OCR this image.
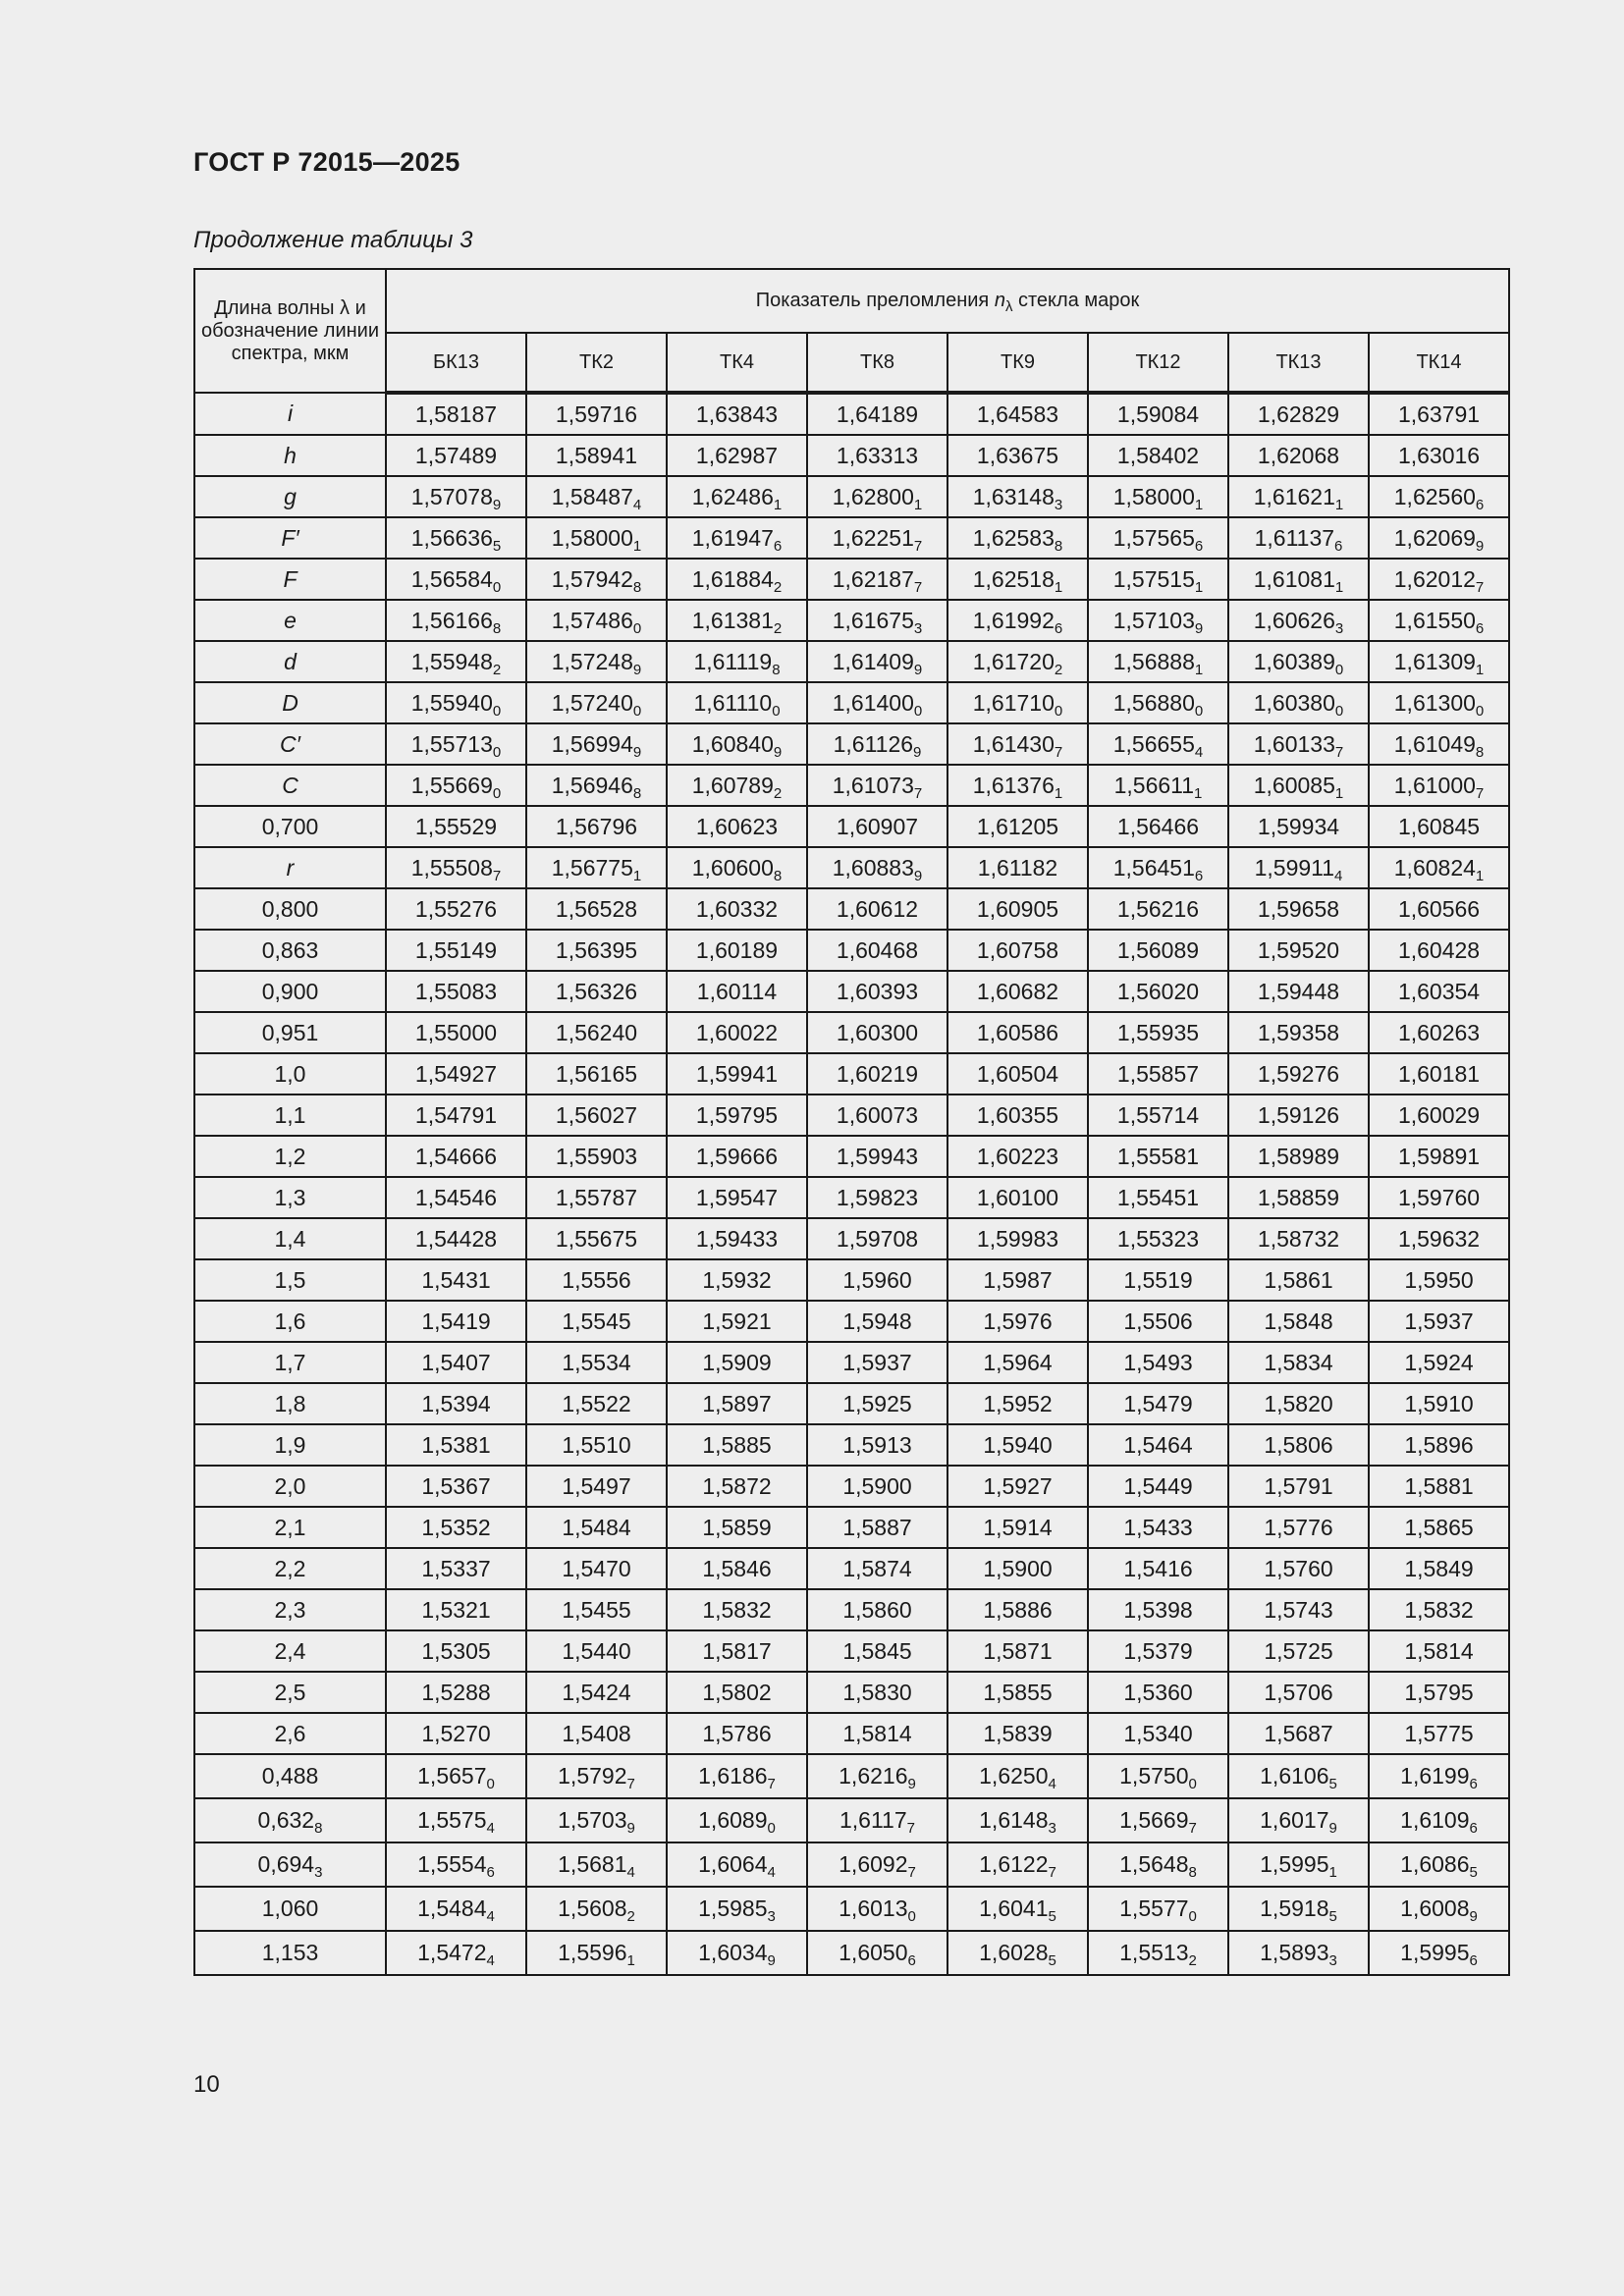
ГОСТ Р 72015—2025
Продолжение таблицы 3
Длина волны λ и обозначение линии спектра, мкм	Показатель преломления $n_\lambda$ стекла марок							
	БК13	ТК2	ТК4	ТК8	ТК9	ТК12	ТК13	ТК14
i	1,58187	1,59716	1,63843	1,64189	1,64583	1,59084	1,62829	1,63791
h	1,57489	1,58941	1,62987	1,63313	1,63675	1,58402	1,62068	1,63016
g	$1,57078_9$	$1,58487_4$	$1,62486_1$	$1,62800_1$	$1,63148_3$	$1,58000_1$	$1,61621_1$	$1,62560_6$
F′	$1,56636_5$	$1,58000_1$	$1,61947_6$	$1,62251_7$	$1,62583_8$	$1,57565_6$	$1,61137_6$	$1,62069_9$
F	$1,56584_0$	$1,57942_8$	$1,61884_2$	$1,62187_7$	$1,62518_1$	$1,57515_1$	$1,61081_1$	$1,62012_7$
e	$1,56166_8$	$1,57486_0$	$1,61381_2$	$1,61675_3$	$1,61992_6$	$1,57103_9$	$1,60626_3$	$1,61550_6$
d	$1,55948_2$	$1,57248_9$	$1,61119_8$	$1,61409_9$	$1,61720_2$	$1,56888_1$	$1,60389_0$	$1,61309_1$
D	$1,55940_0$	$1,57240_0$	$1,61110_0$	$1,61400_0$	$1,61710_0$	$1,56880_0$	$1,60380_0$	$1,61300_0$
C′	$1,55713_0$	$1,56994_9$	$1,60840_9$	$1,61126_9$	$1,61430_7$	$1,56655_4$	$1,60133_7$	$1,61049_8$
C	$1,55669_0$	$1,56946_8$	$1,60789_2$	$1,61073_7$	$1,61376_1$	$1,56611_1$	$1,60085_1$	$1,61000_7$
0,700	1,55529	1,56796	1,60623	1,60907	1,61205	1,56466	1,59934	1,60845
r	$1,55508_7$	$1,56775_1$	$1,60600_8$	$1,60883_9$	1,61182	$1,56451_6$	$1,59911_4$	$1,60824_1$
0,800	1,55276	1,56528	1,60332	1,60612	1,60905	1,56216	1,59658	1,60566
0,863	1,55149	1,56395	1,60189	1,60468	1,60758	1,56089	1,59520	1,60428
0,900	1,55083	1,56326	1,60114	1,60393	1,60682	1,56020	1,59448	1,60354
0,951	1,55000	1,56240	1,60022	1,60300	1,60586	1,55935	1,59358	1,60263
1,0	1,54927	1,56165	1,59941	1,60219	1,60504	1,55857	1,59276	1,60181
1,1	1,54791	1,56027	1,59795	1,60073	1,60355	1,55714	1,59126	1,60029
1,2	1,54666	1,55903	1,59666	1,59943	1,60223	1,55581	1,58989	1,59891
1,3	1,54546	1,55787	1,59547	1,59823	1,60100	1,55451	1,58859	1,59760
1,4	1,54428	1,55675	1,59433	1,59708	1,59983	1,55323	1,58732	1,59632
1,5	1,5431	1,5556	1,5932	1,5960	1,5987	1,5519	1,5861	1,5950
1,6	1,5419	1,5545	1,5921	1,5948	1,5976	1,5506	1,5848	1,5937
1,7	1,5407	1,5534	1,5909	1,5937	1,5964	1,5493	1,5834	1,5924
1,8	1,5394	1,5522	1,5897	1,5925	1,5952	1,5479	1,5820	1,5910
1,9	1,5381	1,5510	1,5885	1,5913	1,5940	1,5464	1,5806	1,5896
2,0	1,5367	1,5497	1,5872	1,5900	1,5927	1,5449	1,5791	1,5881
2,1	1,5352	1,5484	1,5859	1,5887	1,5914	1,5433	1,5776	1,5865
2,2	1,5337	1,5470	1,5846	1,5874	1,5900	1,5416	1,5760	1,5849
2,3	1,5321	1,5455	1,5832	1,5860	1,5886	1,5398	1,5743	1,5832
2,4	1,5305	1,5440	1,5817	1,5845	1,5871	1,5379	1,5725	1,5814
2,5	1,5288	1,5424	1,5802	1,5830	1,5855	1,5360	1,5706	1,5795
2,6	1,5270	1,5408	1,5786	1,5814	1,5839	1,5340	1,5687	1,5775
0,488	$1,5657_0$	$1,5792_7$	$1,6186_7$	$1,6216_9$	$1,6250_4$	$1,5750_0$	$1,6106_5$	$1,6199_6$
$0,632_8$	$1,5575_4$	$1,5703_9$	$1,6089_0$	$1,6117_7$	$1,6148_3$	$1,5669_7$	$1,6017_9$	$1,6109_6$
$0,694_3$	$1,5554_6$	$1,5681_4$	$1,6064_4$	$1,6092_7$	$1,6122_7$	$1,5648_8$	$1,5995_1$	$1,6086_5$
1,060	$1,5484_4$	$1,5608_2$	$1,5985_3$	$1,6013_0$	$1,6041_5$	$1,5577_0$	$1,5918_5$	$1,6008_9$
1,153	$1,5472_4$	$1,5596_1$	$1,6034_9$	$1,6050_6$	$1,6028_5$	$1,5513_2$	$1,5893_3$	$1,5995_6$
10
